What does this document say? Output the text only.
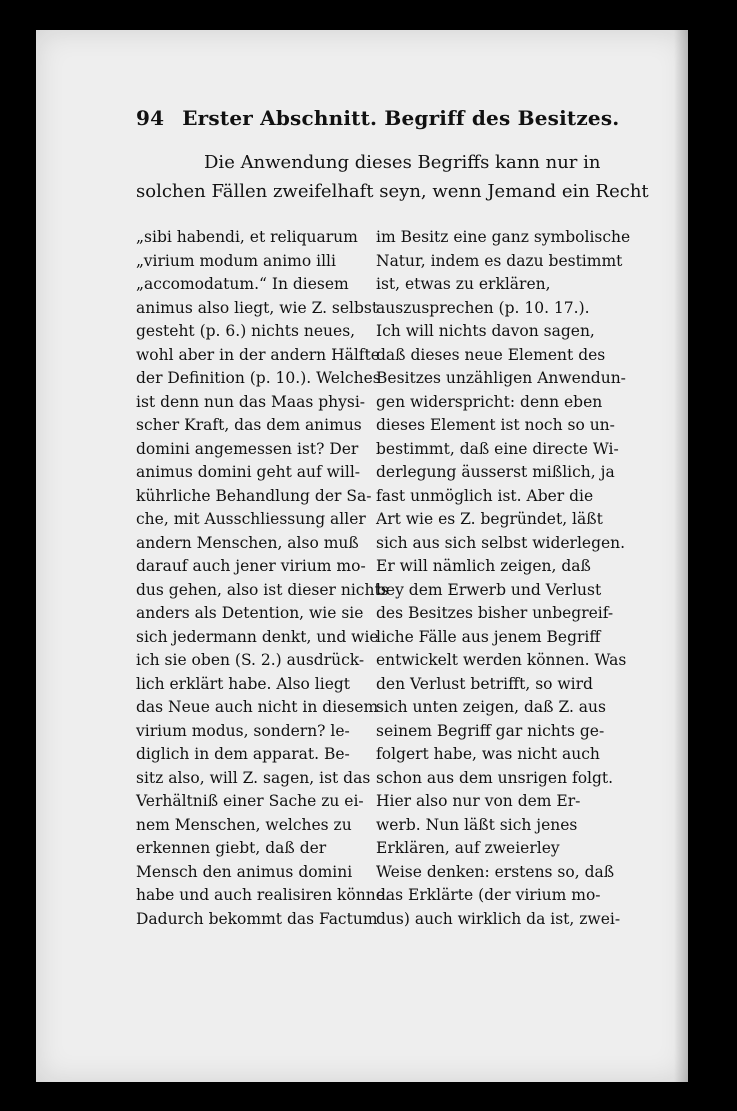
94 Erster Abschnitt. Begriff des Besitzes.
Die Anwendung dieses Begriffs kann nur in
solchen Fällen zweifelhaft seyn, wenn Jemand ein Recht
„sibi habendi, et reliquarum
„virium modum animo illi
„accomodatum.“ In diesem
animus also liegt, wie Z. selbst
gesteht (p. 6.) nichts neues,
wohl aber in der andern Hälfte
der Definition (p. 10.). Welches
ist denn nun das Maas physi-
scher Kraft, das dem animus
domini angemessen ist? Der
animus domini geht auf will-
kührliche Behandlung der Sa-
che, mit Ausschliessung aller
andern Menschen, also muß
darauf auch jener virium mo-
dus gehen, also ist dieser nichts
anders als Detention, wie sie
sich jedermann denkt, und wie
ich sie oben (S. 2.) ausdrück-
lich erklärt habe. Also liegt
das Neue auch nicht in diesem
virium modus, sondern? le-
diglich in dem apparat. Be-
sitz also, will Z. sagen, ist das
Verhältniß einer Sache zu ei-
nem Menschen, welches zu
erkennen giebt, daß der
Mensch den animus domini
habe und auch realisiren könne.
Dadurch bekommt das Factum
im Besitz eine ganz symbolische
Natur, indem es dazu bestimmt
ist, etwas zu erklären,
auszusprechen (p. 10. 17.).
Ich will nichts davon sagen,
daß dieses neue Element des
Besitzes unzähligen Anwendun-
gen widerspricht: denn eben
dieses Element ist noch so un-
bestimmt, daß eine directe Wi-
derlegung äusserst mißlich, ja
fast unmöglich ist. Aber die
Art wie es Z. begründet, läßt
sich aus sich selbst widerlegen.
Er will nämlich zeigen, daß
bey dem Erwerb und Verlust
des Besitzes bisher unbegreif-
liche Fälle aus jenem Begriff
entwickelt werden können. Was
den Verlust betrifft, so wird
sich unten zeigen, daß Z. aus
seinem Begriff gar nichts ge-
folgert habe, was nicht auch
schon aus dem unsrigen folgt.
Hier also nur von dem Er-
werb. Nun läßt sich jenes
Erklären, auf zweierley
Weise denken: erstens so, daß
das Erklärte (der virium mo-
dus) auch wirklich da ist, zwei-
